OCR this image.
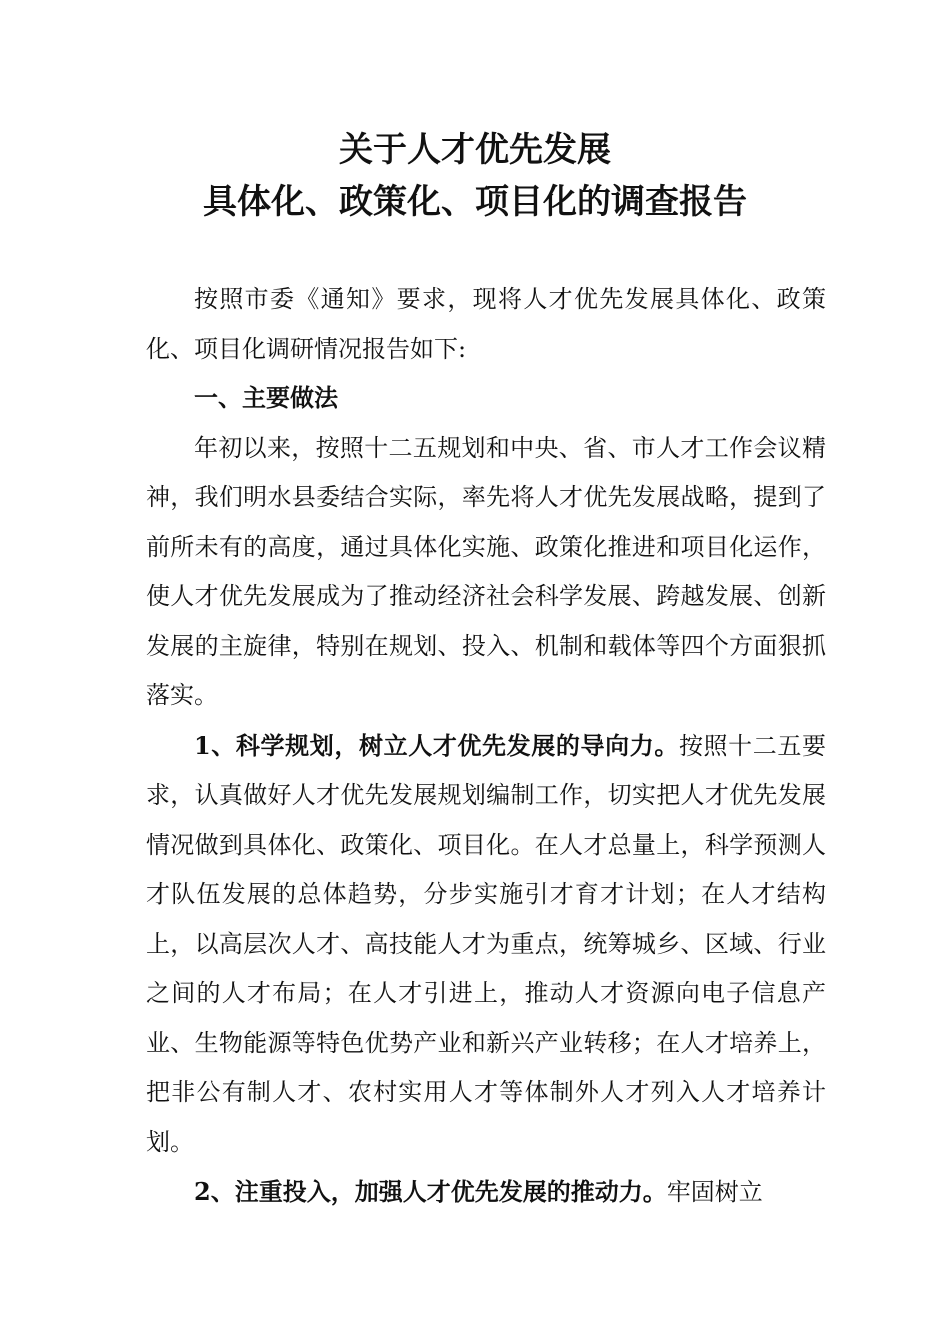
关于人才优先发展
具体化、政策化、项目化的调查报告

按照市委《通知》要求，现将人才优先发展具体化、政策化、项目化调研情况报告如下:

一、主要做法

年初以来，按照十二五规划和中央、省、市人才工作会议精神，我们明水县委结合实际，率先将人才优先发展战略，提到了前所未有的高度，通过具体化实施、政策化推进和项目化运作，使人才优先发展成为了推动经济社会科学发展、跨越发展、创新发展的主旋律，特别在规划、投入、机制和载体等四个方面狠抓落实。

1、科学规划，树立人才优先发展的导向力。按照十二五要求，认真做好人才优先发展规划编制工作，切实把人才优先发展情况做到具体化、政策化、项目化。在人才总量上，科学预测人才队伍发展的总体趋势，分步实施引才育才计划；在人才结构上，以高层次人才、高技能人才为重点，统筹城乡、区域、行业之间的人才布局；在人才引进上，推动人才资源向电子信息产业、生物能源等特色优势产业和新兴产业转移；在人才培养上，把非公有制人才、农村实用人才等体制外人才列入人才培养计划。

2、注重投入，加强人才优先发展的推动力。牢固树立
